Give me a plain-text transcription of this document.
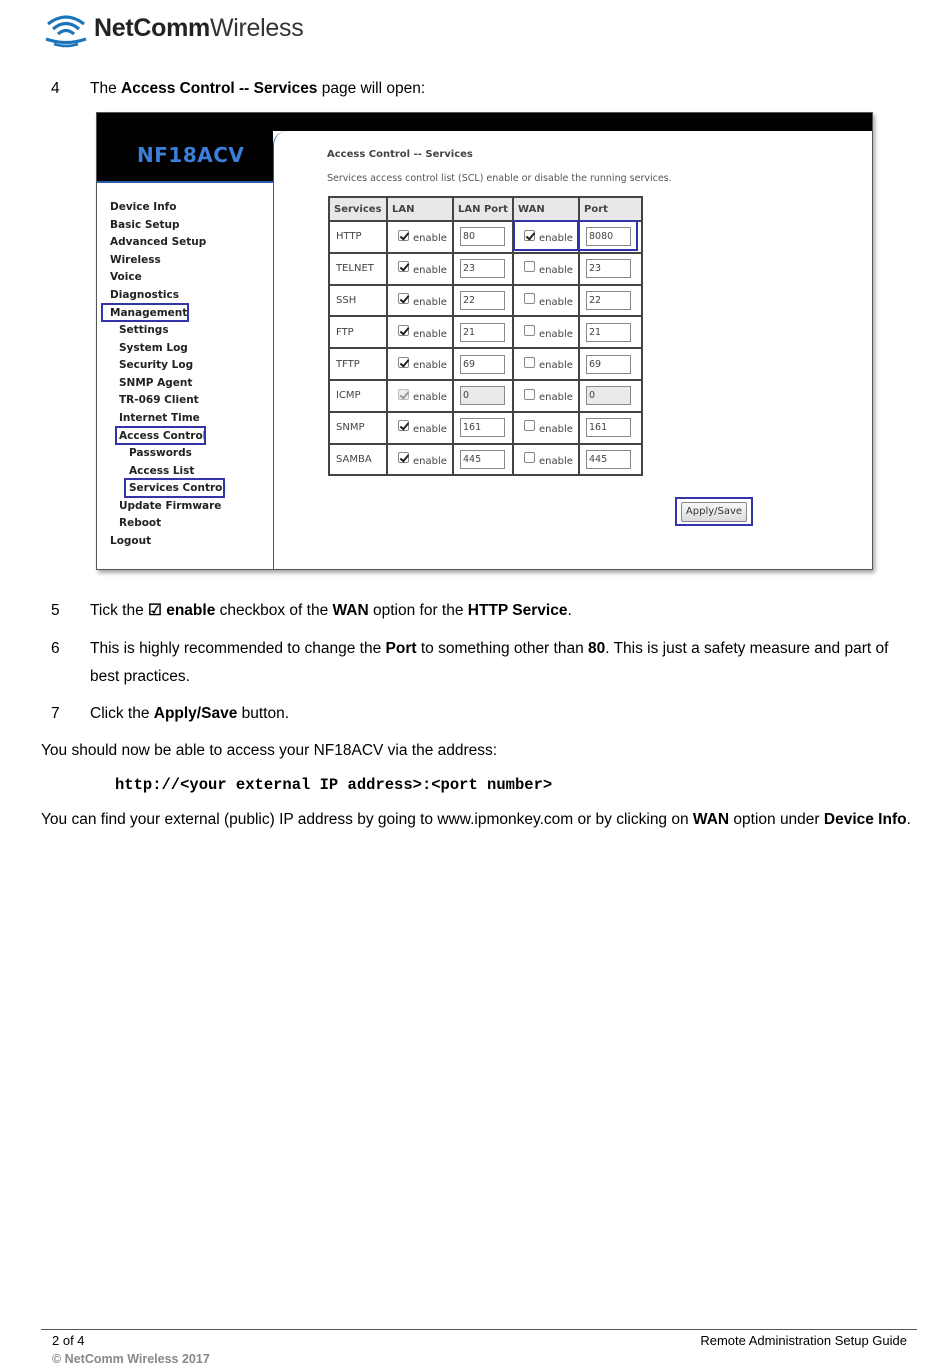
NetCommWireless
4	The Access Control -- Services page will open:
NF18ACV
Device Info
Basic Setup
Advanced Setup
Wireless
Voice
Diagnostics
Management
Settings
System Log
Security Log
SNMP Agent
TR-069 Client
Internet Time
Access Control
Passwords
Access List
Services Control
Update Firmware
Reboot
Logout
Access Control -- Services
Services access control list (SCL) enable or disable the running services.
Services	LAN	LAN Port	WAN	Port
HTTP	enable	80	enable	8080
TELNET	enable	23	enable	23
SSH	enable	22	enable	22
FTP	enable	21	enable	21
TFTP	enable	69	enable	69
ICMP	enable	0	enable	0
SNMP	enable	161	enable	161
SAMBA	enable	445	enable	445
Apply/Save
5	Tick the ☑ enable checkbox of the WAN option for the HTTP Service.
6	This is highly recommended to change the Port to something other than 80. This is just a safety measure and part of best practices.
7	Click the Apply/Save button.
You should now be able to access your NF18ACV via the address:
http://<your external IP address>:<port number>
You can find your external (public) IP address by going to www.ipmonkey.com or by clicking on WAN option under Device Info.
2 of 4
© NetComm Wireless 2017
Remote Administration Setup Guide
